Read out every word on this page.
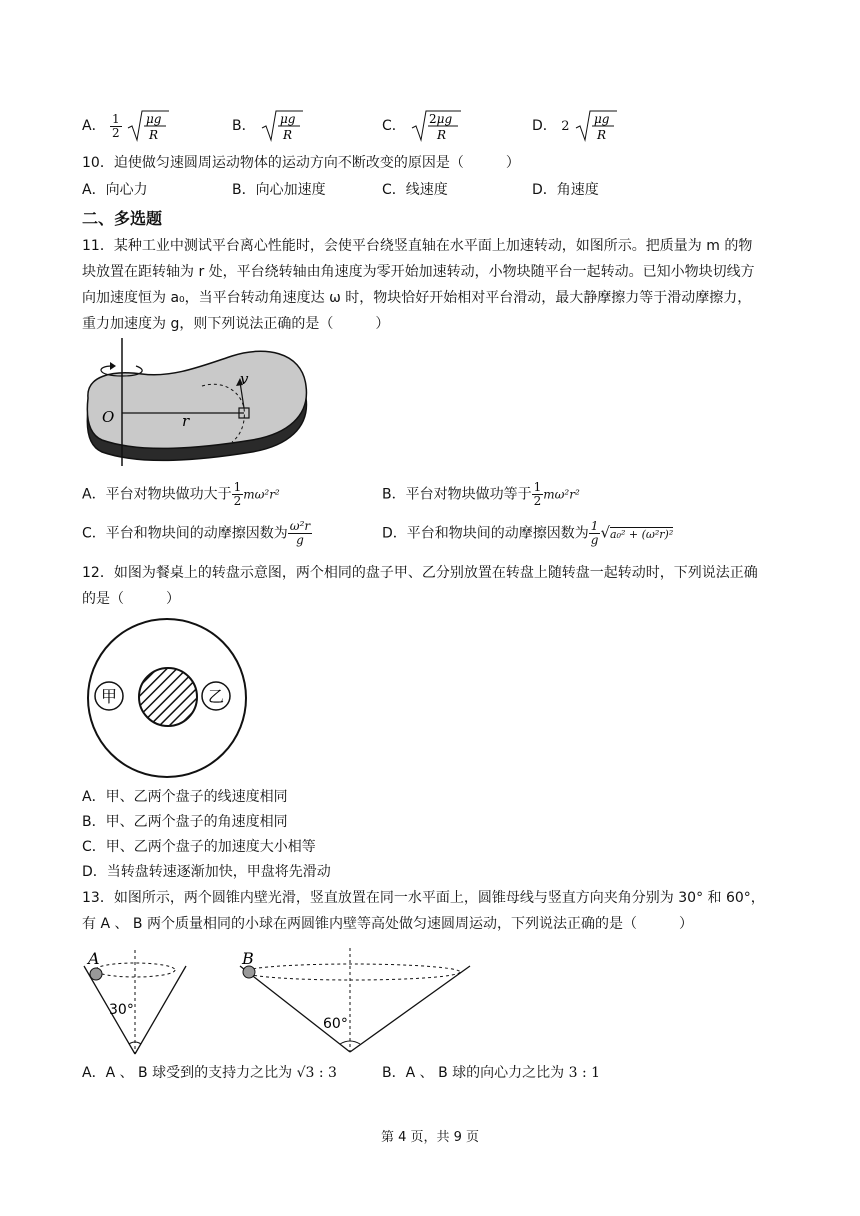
A． $\frac{1}{2}$
μg
R
B． μg
R
C． 2μg
R
D． 2 μg
R
10．迫使做匀速圆周运动物体的运动方向不断改变的原因是（　　　）
A．向心力	B．向心加速度	C．线速度	D．角速度
二、多选题
11．某种工业中测试平台离心性能时，会使平台绕竖直轴在水平面上加速转动，如图所示。把质量为 m 的物
块放置在距转轴为 r 处，平台绕转轴由角速度为零开始加速转动，小物块随平台一起转动。已知小物块切线方
向加速度恒为 a₀，当平台转动角速度达 ω 时，物块恰好开始相对平台滑动，最大静摩擦力等于滑动摩擦力，
重力加速度为 g，则下列说法正确的是（　　　）
O	r
v
A．平台对物块做功大于 $\frac{1}{2} m\omega^2r^2$	B．平台对物块做功等于 $\frac{1}{2} m\omega^2r^2$
C．平台和物块间的动摩擦因数为 $\frac{\text{ω²r}}{g}$	D．平台和物块间的动摩擦因数为 $\frac{1}{g} √a_0^2 + (\omega^2r)^2$
12．如图为餐桌上的转盘示意图，两个相同的盘子甲、乙分别放置在转盘上随转盘一起转动时，下列说法正确
的是（　　　）
甲	乙
A．甲、乙两个盘子的线速度相同
B．甲、乙两个盘子的角速度相同
C．甲、乙两个盘子的加速度大小相等
D．当转盘转速逐渐加快，甲盘将先滑动
13．如图所示，两个圆锥内壁光滑，竖直放置在同一水平面上，圆锥母线与竖直方向夹角分别为 30° 和 60°，
有 A 、 B 两个质量相同的小球在两圆锥内壁等高处做匀速圆周运动，下列说法正确的是（　　　）
A
30°
B
60°
A．A 、 B 球受到的支持力之比为 √3 : 3	B．A 、 B 球的向心力之比为 3 : 1
第 4 页，共 9 页
